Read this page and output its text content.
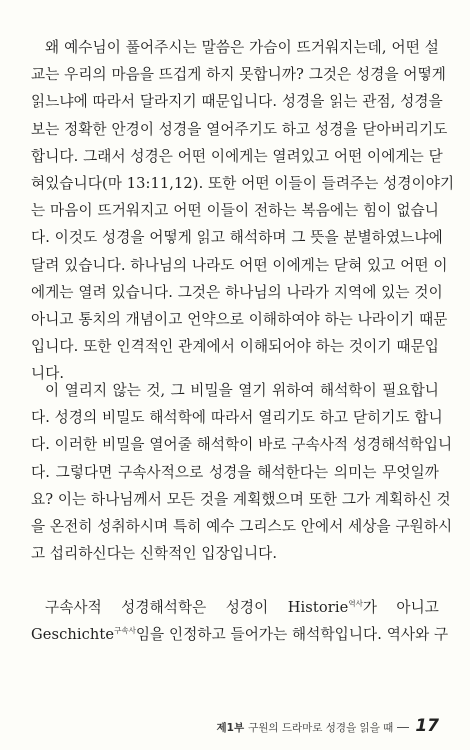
왜 예수님이 풀어주시는 말씀은 가슴이 뜨거워지는데, 어떤 설
교는 우리의 마음을 뜨겁게 하지 못합니까? 그것은 성경을 어떻게
읽느냐에 따라서 달라지기 때문입니다. 성경을 읽는 관점, 성경을
보는 정확한 안경이 성경을 열어주기도 하고 성경을 닫아버리기도
합니다. 그래서 성경은 어떤 이에게는 열려있고 어떤 이에게는 닫
혀있습니다(마 13:11,12). 또한 어떤 이들이 들려주는 성경이야기
는 마음이 뜨거워지고 어떤 이들이 전하는 복음에는 힘이 없습니
다. 이것도 성경을 어떻게 읽고 해석하며 그 뜻을 분별하였느냐에
달려 있습니다. 하나님의 나라도 어떤 이에게는 닫혀 있고 어떤 이
에게는 열려 있습니다. 그것은 하나님의 나라가 지역에 있는 것이
아니고 통치의 개념이고 언약으로 이해하여야 하는 나라이기 때문
입니다. 또한 인격적인 관계에서 이해되어야 하는 것이기 때문입
니다.
이 열리지 않는 것, 그 비밀을 열기 위하여 해석학이 필요합니
다. 성경의 비밀도 해석학에 따라서 열리기도 하고 닫히기도 합니
다. 이러한 비밀을 열어줄 해석학이 바로 구속사적 성경해석학입니
다. 그렇다면 구속사적으로 성경을 해석한다는 의미는 무엇일까
요? 이는 하나님께서 모든 것을 계획했으며 또한 그가 계획하신 것
을 온전히 성취하시며 특히 예수 그리스도 안에서 세상을 구원하시
고 섭리하신다는 신학적인 입장입니다.
구속사적 성경해석학은 성경이 Historie$^{역사}$가 아니고
Geschichte$^{구속사}$임을 인정하고 들어가는 해석학입니다. 역사와 구
제1부 구원의 드라마로 성경을 읽을 때 17
